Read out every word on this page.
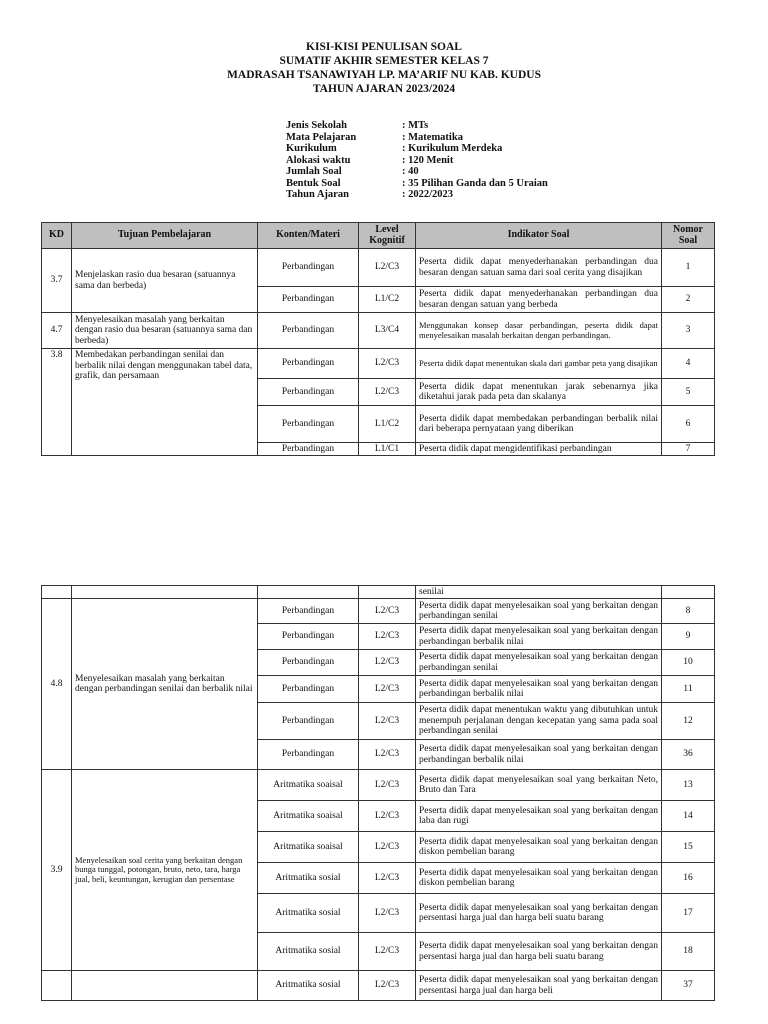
KISI-KISI PENULISAN SOAL
SUMATIF AKHIR SEMESTER KELAS 7
MADRASAH TSANAWIYAH LP. MA’ARIF NU KAB. KUDUS
TAHUN AJARAN 2023/2024
Jenis Sekolah	: MTs
Mata Pelajaran	: Matematika
Kurikulum	: Kurikulum Merdeka
Alokasi waktu	: 120 Menit
Jumlah Soal	: 40
Bentuk Soal	: 35 Pilihan Ganda dan 5 Uraian
Tahun Ajaran	: 2022/2023
KD	Tujuan Pembelajaran	Konten/Materi	Level Kognitif	Indikator Soal	Nomor Soal
3.7	Menjelaskan rasio dua besaran (satuannya sama dan berbeda)	Perbandingan	L2/C3	Peserta didik dapat menyederhanakan perbandingan dua besaran dengan satuan sama dari soal cerita yang disajikan	1
		Perbandingan	L1/C2	Peserta didik dapat menyederhanakan perbandingan dua besaran dengan satuan yang berbeda	2
4.7	Menyelesaikan masalah yang berkaitan dengan rasio dua besaran (satuannya sama dan berbeda)	Perbandingan	L3/C4	Menggunakan konsep dasar perbandingan, peserta didik dapat menyelesaikan masalah berkaitan dengan perbandingan.	3
3.8	Membedakan perbandingan senilai dan berbalik nilai dengan menggunakan tabel data, grafik, dan persamaan	Perbandingan	L2/C3	Peserta didik dapat menentukan skala dari gambar peta yang disajikan	4
		Perbandingan	L2/C3	Peserta didik dapat menentukan jarak sebenarnya jika diketahui jarak pada peta dan skalanya	5
		Perbandingan	L1/C2	Peserta didik dapat membedakan perbandingan berbalik nilai dari beberapa pernyataan yang diberikan	6
		Perbandingan	L1/C1	Peserta didik dapat mengidentifikasi perbandingan	7
				senilai	
4.8	Menyelesaikan masalah yang berkaitan dengan perbandingan senilai dan berbalik nilai	Perbandingan	L2/C3	Peserta didik dapat menyelesaikan soal yang berkaitan dengan perbandingan senilai	8
		Perbandingan	L2/C3	Peserta didik dapat menyelesaikan soal yang berkaitan dengan perbandingan berbalik nilai	9
		Perbandingan	L2/C3	Peserta didik dapat menyelesaikan soal yang berkaitan dengan perbandingan senilai	10
		Perbandingan	L2/C3	Peserta didik dapat menyelesaikan soal yang berkaitan dengan perbandingan berbalik nilai	11
		Perbandingan	L2/C3	Peserta didik dapat menentukan waktu yang dibutuhkan untuk menempuh perjalanan dengan kecepatan yang sama pada soal perbandingan senilai	12
		Perbandingan	L2/C3	Peserta didik dapat menyelesaikan soal yang berkaitan dengan perbandingan berbalik nilai	36
3.9	Menyelesaikan soal cerita yang berkaitan dengan bunga tunggal, potongan, bruto, neto, tara, harga jual, beli, keuntungan, kerugian dan persentase	Aritmatika soaisal	L2/C3	Peserta didik dapat menyelesaikan soal yang berkaitan Neto, Bruto dan Tara	13
		Aritmatika soaisal	L2/C3	Peserta didik dapat menyelesaikan soal yang berkaitan dengan laba dan rugi	14
		Aritmatika soaisal	L2/C3	Peserta didik dapat menyelesaikan soal yang berkaitan dengan diskon pembelian barang	15
		Aritmatika sosial	L2/C3	Peserta didik dapat menyelesaikan soal yang berkaitan dengan diskon pembelian barang	16
		Aritmatika sosial	L2/C3	Peserta didik dapat menyelesaikan soal yang berkaitan dengan persentasi harga jual dan harga beli suatu barang	17
		Aritmatika sosial	L2/C3	Peserta didik dapat menyelesaikan soal yang berkaitan dengan persentasi harga jual dan harga beli suatu barang	18
		Aritmatika sosial	L2/C3	Peserta didik dapat menyelesaikan soal yang berkaitan dengan persentasi harga jual dan harga beli	37
